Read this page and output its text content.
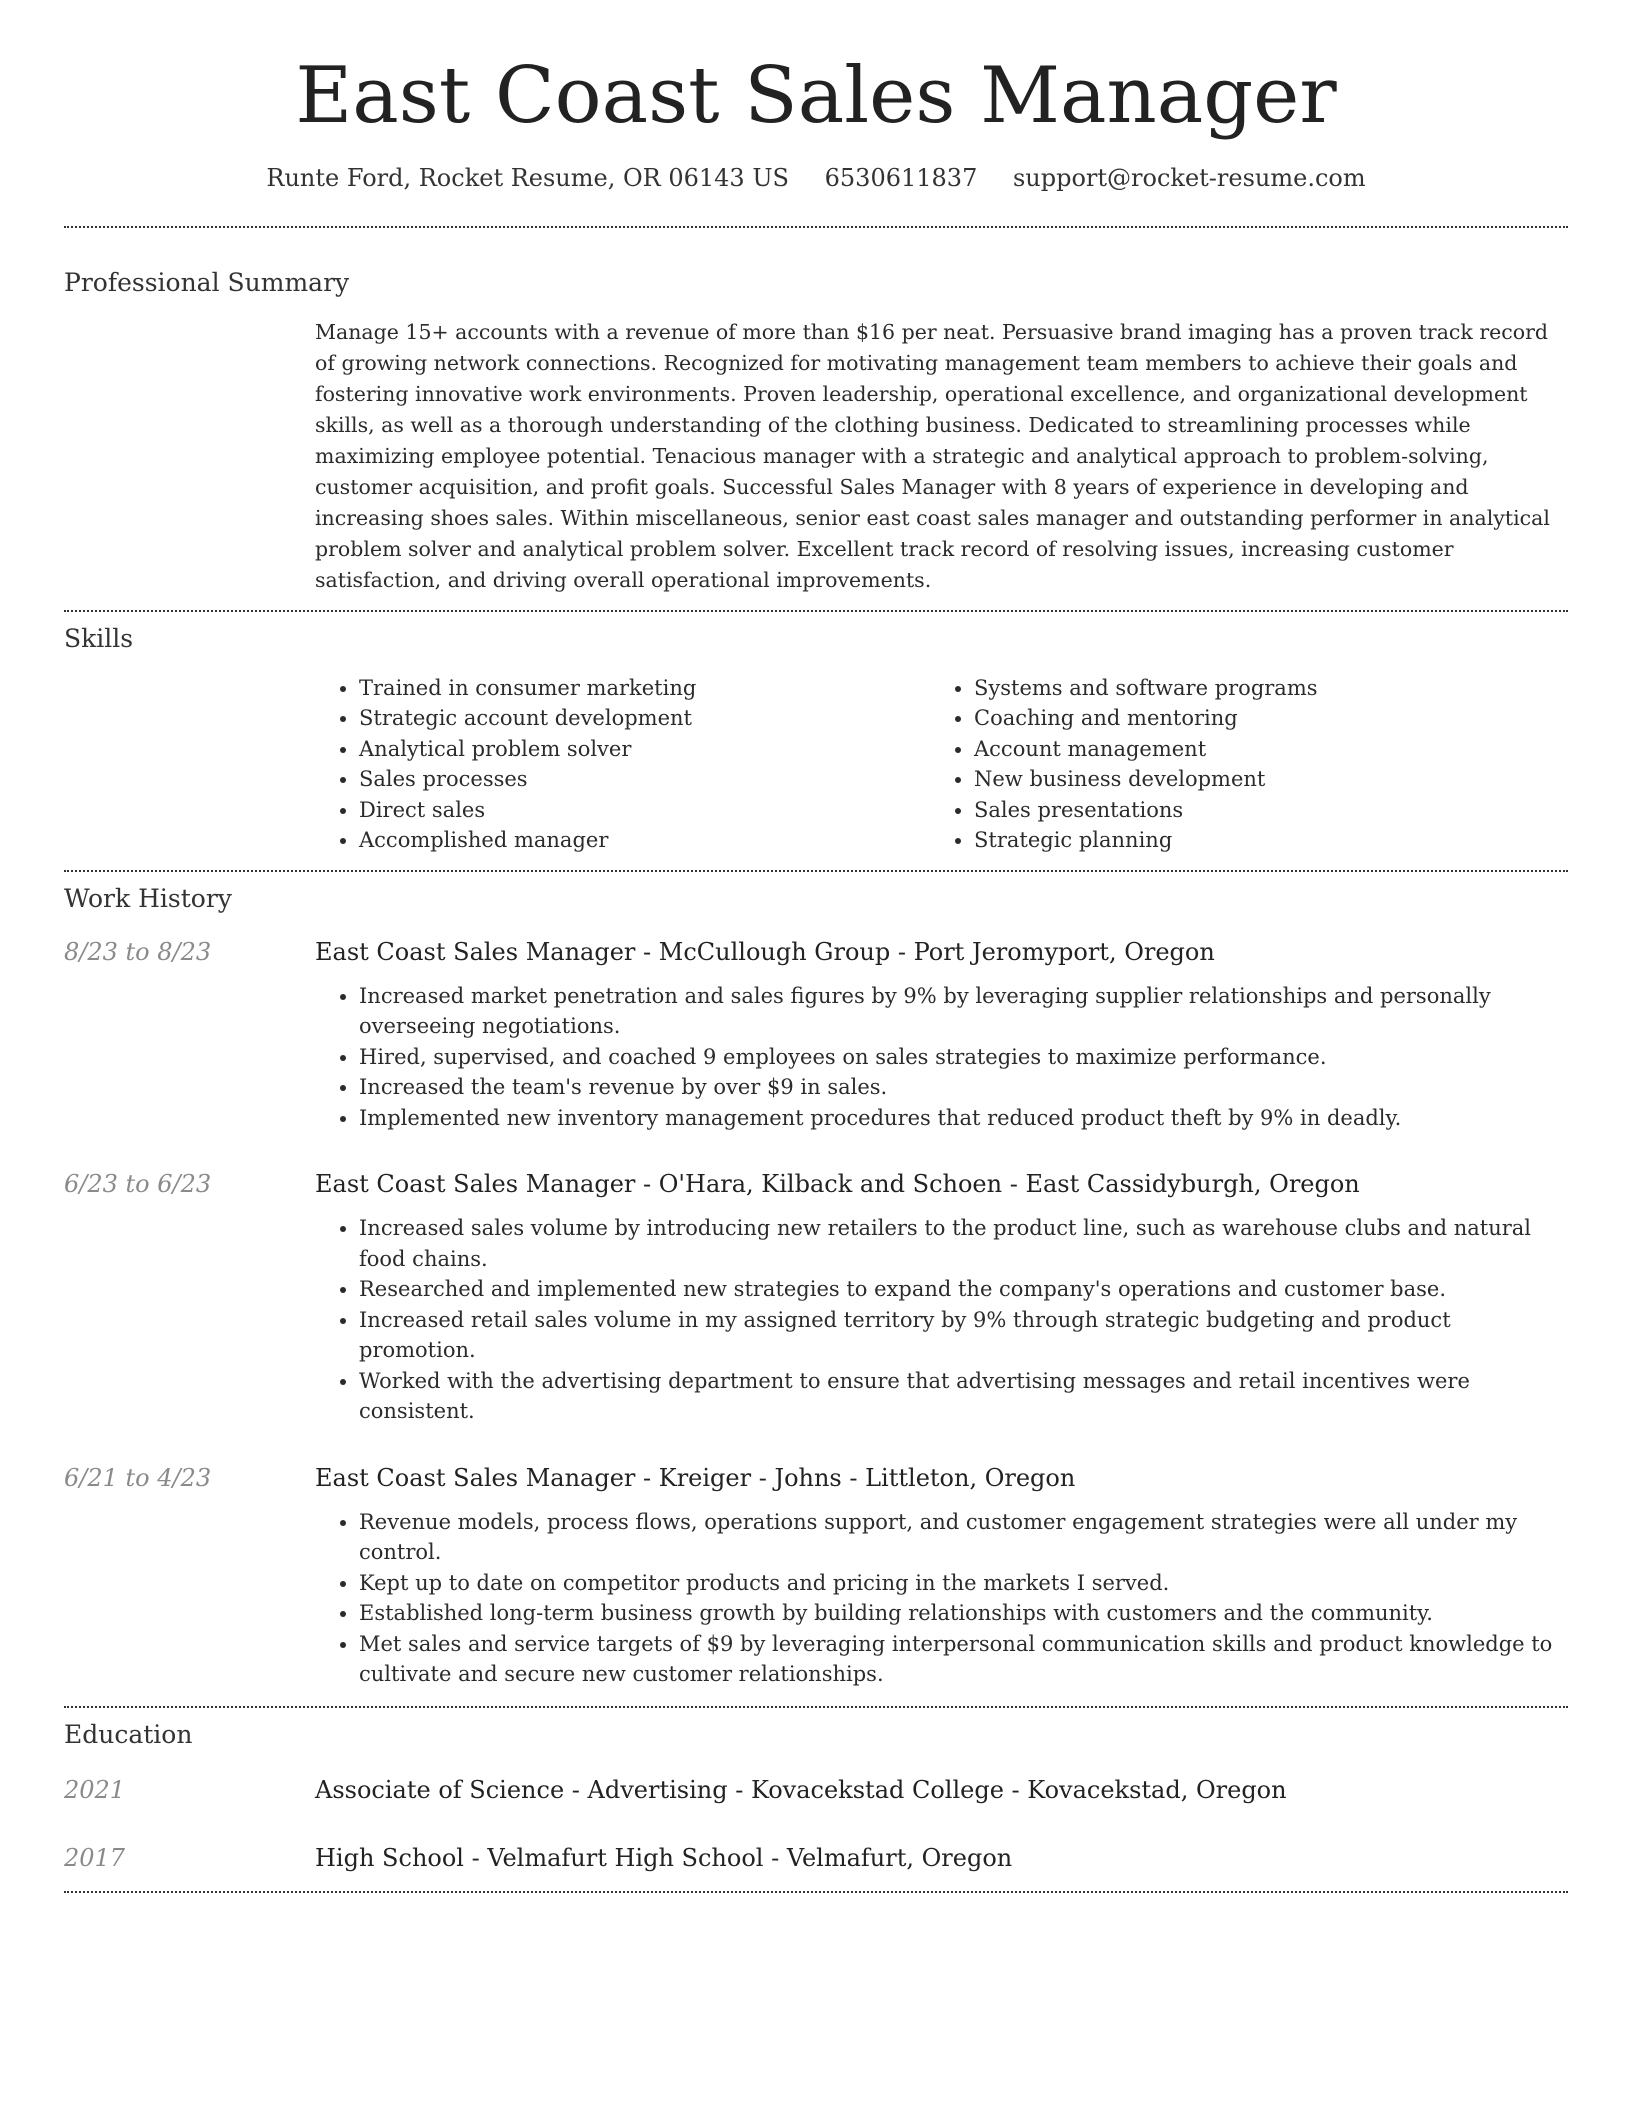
East Coast Sales Manager
Runte Ford, Rocket Resume, OR 06143 US 6530611837 support@rocket-resume.com
Professional Summary

Manage 15+ accounts with a revenue of more than $16 per neat. Persuasive brand imaging has a proven track record of growing network connections. Recognized for motivating management team members to achieve their goals and fostering innovative work environments. Proven leadership, operational excellence, and organizational development skills, as well as a thorough understanding of the clothing business. Dedicated to streamlining processes while maximizing employee potential. Tenacious manager with a strategic and analytical approach to problem-solving, customer acquisition, and profit goals. Successful Sales Manager with 8 years of experience in developing and increasing shoes sales. Within miscellaneous, senior east coast sales manager and outstanding performer in analytical problem solver and analytical problem solver. Excellent track record of resolving issues, increasing customer satisfaction, and driving overall operational improvements.

Skills
• Trained in consumer marketing
• Strategic account development
• Analytical problem solver
• Sales processes
• Direct sales
• Accomplished manager
• Systems and software programs
• Coaching and mentoring
• Account management
• New business development
• Sales presentations
• Strategic planning
Work History
8/23 to 8/23	East Coast Sales Manager - McCullough Group - Port Jeromyport, Oregon
• Increased market penetration and sales figures by 9% by leveraging supplier relationships and personally overseeing negotiations.
• Hired, supervised, and coached 9 employees on sales strategies to maximize performance.
• Increased the team's revenue by over $9 in sales.
• Implemented new inventory management procedures that reduced product theft by 9% in deadly.
6/23 to 6/23	East Coast Sales Manager - O'Hara, Kilback and Schoen - East Cassidyburgh, Oregon
• Increased sales volume by introducing new retailers to the product line, such as warehouse clubs and natural food chains.
• Researched and implemented new strategies to expand the company's operations and customer base.
• Increased retail sales volume in my assigned territory by 9% through strategic budgeting and product promotion.
• Worked with the advertising department to ensure that advertising messages and retail incentives were consistent.
6/21 to 4/23	East Coast Sales Manager - Kreiger - Johns - Littleton, Oregon
• Revenue models, process flows, operations support, and customer engagement strategies were all under my control.
• Kept up to date on competitor products and pricing in the markets I served.
• Established long-term business growth by building relationships with customers and the community.
• Met sales and service targets of $9 by leveraging interpersonal communication skills and product knowledge to cultivate and secure new customer relationships.
Education
2021	Associate of Science - Advertising - Kovacekstad College - Kovacekstad, Oregon
2017	High School - Velmafurt High School - Velmafurt, Oregon
